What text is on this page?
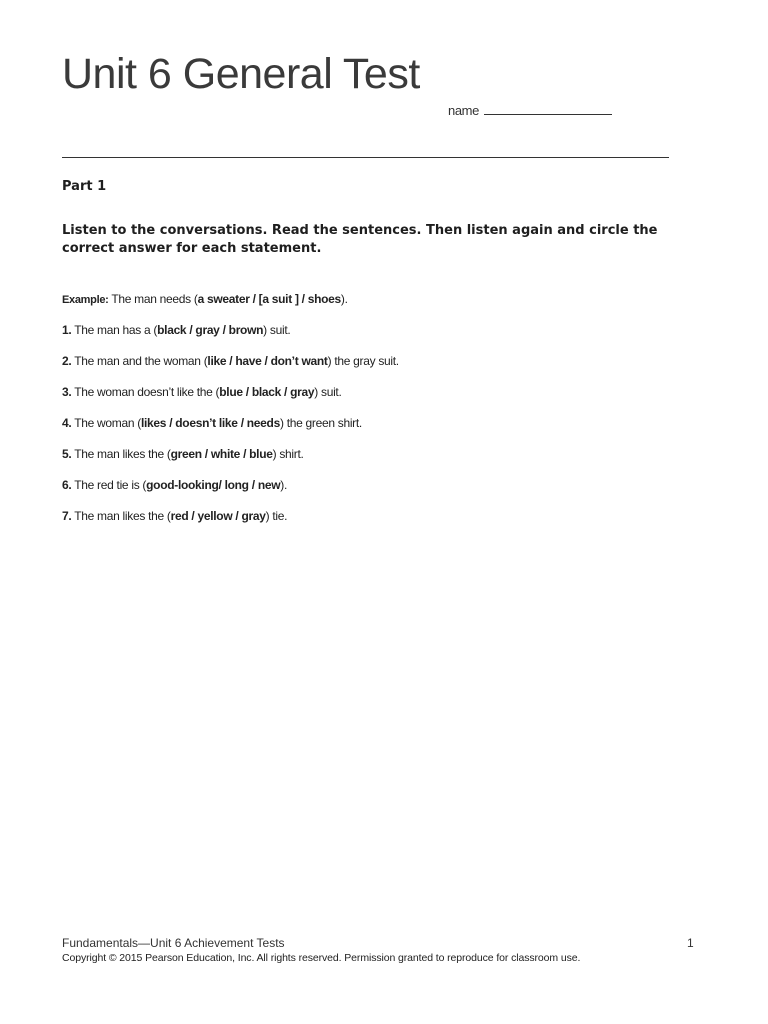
Unit 6 General Test
name
Part 1

Listen to the conversations. Read the sentences. Then listen again and circle the correct answer for each statement.

Example: The man needs (a sweater / [a suit ] / shoes).
1. The man has a (black / gray / brown) suit.
2. The man and the woman (like / have / don’t want) the gray suit.
3. The woman doesn’t like the (blue / black / gray) suit.
4. The woman (likes / doesn’t like / needs) the green shirt.
5. The man likes the (green / white / blue) shirt.
6. The red tie is (good-looking/ long / new).
7. The man likes the (red / yellow / gray) tie.
Fundamentals—Unit 6 Achievement Tests	1
Copyright © 2015 Pearson Education, Inc. All rights reserved. Permission granted to reproduce for classroom use.
